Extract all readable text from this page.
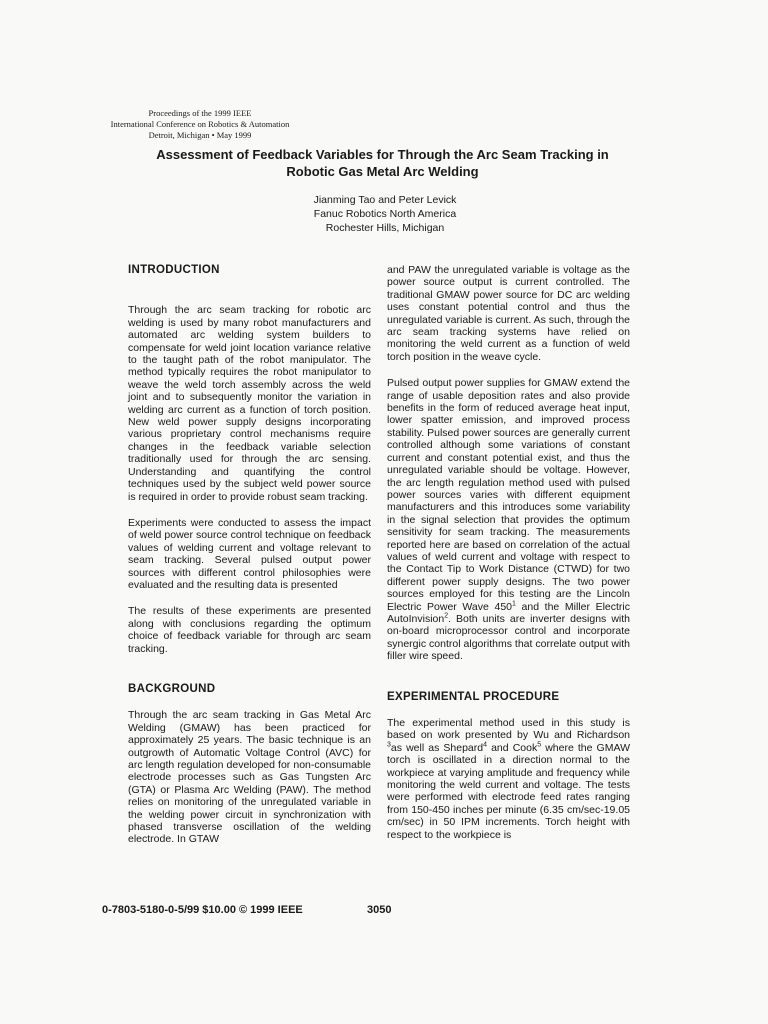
Proceedings of the 1999 IEEE
International Conference on Robotics & Automation
Detroit, Michigan • May 1999
Assessment of Feedback Variables for Through the Arc Seam Tracking in
Robotic Gas Metal Arc Welding
Jianming Tao and Peter Levick
Fanuc Robotics North America
Rochester Hills, Michigan
INTRODUCTION

Through the arc seam tracking for robotic arc welding is used by many robot manufacturers and automated arc welding system builders to compensate for weld joint location variance relative to the taught path of the robot manipulator. The method typically requires the robot manipulator to weave the weld torch assembly across the weld joint and to subsequently monitor the variation in welding arc current as a function of torch position. New weld power supply designs incorporating various proprietary control mechanisms require changes in the feedback variable selection traditionally used for through the arc sensing. Understanding and quantifying the control techniques used by the subject weld power source is required in order to provide robust seam tracking.

Experiments were conducted to assess the impact of weld power source control technique on feedback values of welding current and voltage relevant to seam tracking. Several pulsed output power sources with different control philosophies were evaluated and the resulting data is presented

The results of these experiments are presented along with conclusions regarding the optimum choice of feedback variable for through arc seam tracking.

BACKGROUND

Through the arc seam tracking in Gas Metal Arc Welding (GMAW) has been practiced for approximately 25 years. The basic technique is an outgrowth of Automatic Voltage Control (AVC) for arc length regulation developed for non-consumable electrode processes such as Gas Tungsten Arc (GTA) or Plasma Arc Welding (PAW). The method relies on monitoring of the unregulated variable in the welding power circuit in synchronization with phased transverse oscillation of the welding electrode. In GTAW

and PAW the unregulated variable is voltage as the power source output is current controlled. The traditional GMAW power source for DC arc welding uses constant potential control and thus the unregulated variable is current. As such, through the arc seam tracking systems have relied on monitoring the weld current as a function of weld torch position in the weave cycle.

Pulsed output power supplies for GMAW extend the range of usable deposition rates and also provide benefits in the form of reduced average heat input, lower spatter emission, and improved process stability. Pulsed power sources are generally current controlled although some variations of constant current and constant potential exist, and thus the unregulated variable should be voltage. However, the arc length regulation method used with pulsed power sources varies with different equipment manufacturers and this introduces some variability in the signal selection that provides the optimum sensitivity for seam tracking. The measurements reported here are based on correlation of the actual values of weld current and voltage with respect to the Contact Tip to Work Distance (CTWD) for two different power supply designs. The two power sources employed for this testing are the Lincoln Electric Power Wave $450^1$ and the Miller Electric AutoInvision$^2$. Both units are inverter designs with on-board microprocessor control and incorporate synergic control algorithms that correlate output with filler wire speed.

EXPERIMENTAL PROCEDURE

The experimental method used in this study is based on work presented by Wu and Richardson $^3$as well as Shepard$^4$ and Cook$^5$ where the GMAW torch is oscillated in a direction normal to the workpiece at varying amplitude and frequency while monitoring the weld current and voltage. The tests were performed with electrode feed rates ranging from 150-450 inches per minute (6.35 cm/sec-19.05 cm/sec) in 50 IPM increments. Torch height with respect to the workpiece is

0-7803-5180-0-5/99 $10.00 © 1999 IEEE	3050
